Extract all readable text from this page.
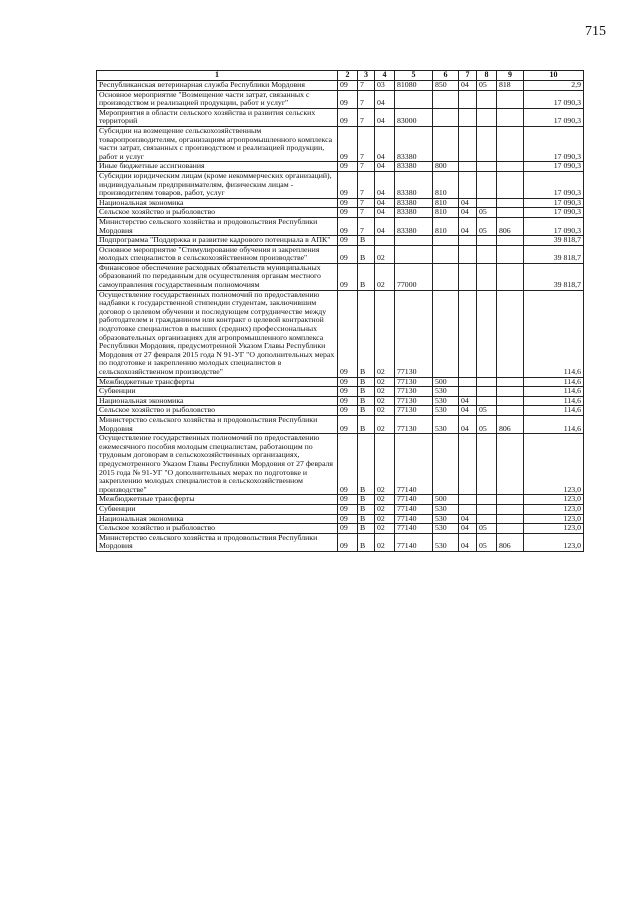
715
1	2	3	4	5	6	7	8	9	10
Республиканская ветеринарная служба Республики Мордовия	09	7	03	81080	850	04	05	818	2,9
Основное мероприятие "Возмещение части затрат, связанных с производством и реализацией продукции, работ и услуг"	09	7	04						17 090,3
Мероприятия в области сельского хозяйства и развития сельских территорий	09	7	04	83000					17 090,3
Субсидии на возмещение сельскохозяйственным товаропроизводителям, организациям агропромышленного комплекса части затрат, связанных с производством и реализацией продукции, работ и услуг	09	7	04	83380					17 090,3
Иные бюджетные ассигнования	09	7	04	83380	800				17 090,3
Субсидии юридическим лицам (кроме некоммерческих организаций), индивидуальным предпринимателям, физическим лицам - производителям товаров, работ, услуг	09	7	04	83380	810				17 090,3
Национальная экономика	09	7	04	83380	810	04			17 090,3
Сельское хозяйство и рыболовство	09	7	04	83380	810	04	05		17 090,3
Министерство сельского хозяйства и продовольствия Республики Мордовия	09	7	04	83380	810	04	05	806	17 090,3
Подпрограмма "Поддержка и развитие кадрового потенциала в АПК"	09	В							39 818,7
Основное мероприятие "Стимулирование обучения и закрепления молодых специалистов в сельскохозяйственном производстве"	09	В	02						39 818,7
Финансовое обеспечение расходных обязательств муниципальных образований по переданным для осуществления органам местного самоуправления государственным полномочиям	09	В	02	77000					39 818,7
Осуществление государственных полномочий по предоставлению надбавки к государственной стипендии студентам, заключившим договор о целевом обучении и последующем сотрудничестве между работодателем и гражданином или контракт о целевой контрактной подготовке специалистов в высших (средних) профессиональных образовательных организациях для агропромышленного комплекса Республики Мордовия, предусмотренной Указом Главы Республики Мордовия от 27 февраля 2015 года N 91-УГ "О дополнительных мерах по подготовке и закреплению молодых специалистов в сельскохозяйственном производстве"	09	В	02	77130					114,6
Межбюджетные трансферты	09	В	02	77130	500				114,6
Субвенции	09	В	02	77130	530				114,6
Национальная экономика	09	В	02	77130	530	04			114,6
Сельское хозяйство и рыболовство	09	В	02	77130	530	04	05		114,6
Министерство сельского хозяйства и продовольствия Республики Мордовия	09	В	02	77130	530	04	05	806	114,6
Осуществление государственных полномочий по предоставлению ежемесячного пособия молодым специалистам, работающим по трудовым договорам в сельскохозяйственных организациях, предусмотренного Указом Главы Республики Мордовия от 27 февраля 2015 года № 91-УГ "О дополнительных мерах по подготовке и закреплению молодых специалистов в сельскохозяйственном производстве"	09	В	02	77140					123,0
Межбюджетные трансферты	09	В	02	77140	500				123,0
Субвенции	09	В	02	77140	530				123,0
Национальная экономика	09	В	02	77140	530	04			123,0
Сельское хозяйство и рыболовство	09	В	02	77140	530	04	05		123,0
Министерство сельского хозяйства и продовольствия Республики Мордовия	09	В	02	77140	530	04	05	806	123,0
